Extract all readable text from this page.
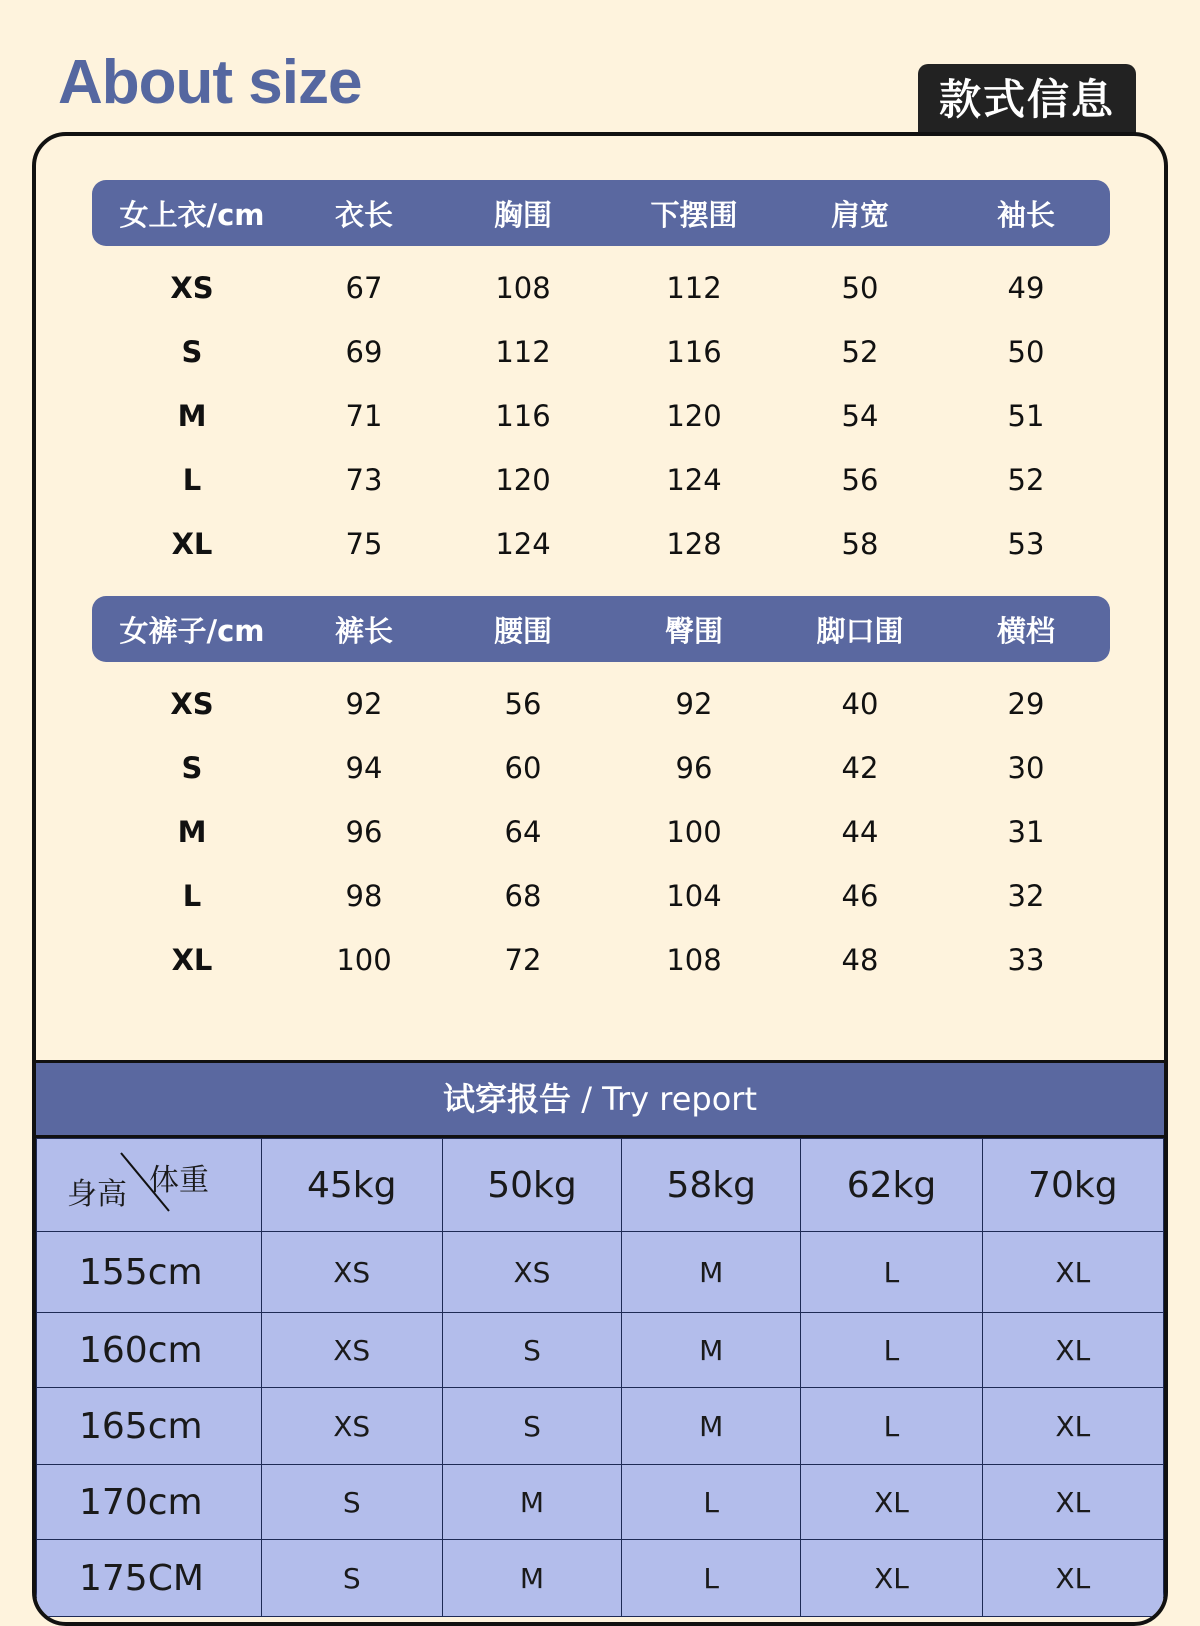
About size	款式信息
女上衣/cm	衣长	胸围	下摆围	肩宽	袖长
XS	67	108	112	50	49
S	69	112	116	52	50
M	71	116	120	54	51
L	73	120	124	56	52
XL	75	124	128	58	53
女裤子/cm	裤长	腰围	臀围	脚口围	横档
XS	92	56	92	40	29
S	94	60	96	42	30
M	96	64	100	44	31
L	98	68	104	46	32
XL	100	72	108	48	33
试穿报告 / Try report
身高 体重	45kg	50kg	58kg	62kg	70kg
155cm	XS	XS	M	L	XL
160cm	XS	S	M	L	XL
165cm	XS	S	M	L	XL
170cm	S	M	L	XL	XL
175CM	S	M	L	XL	XL
